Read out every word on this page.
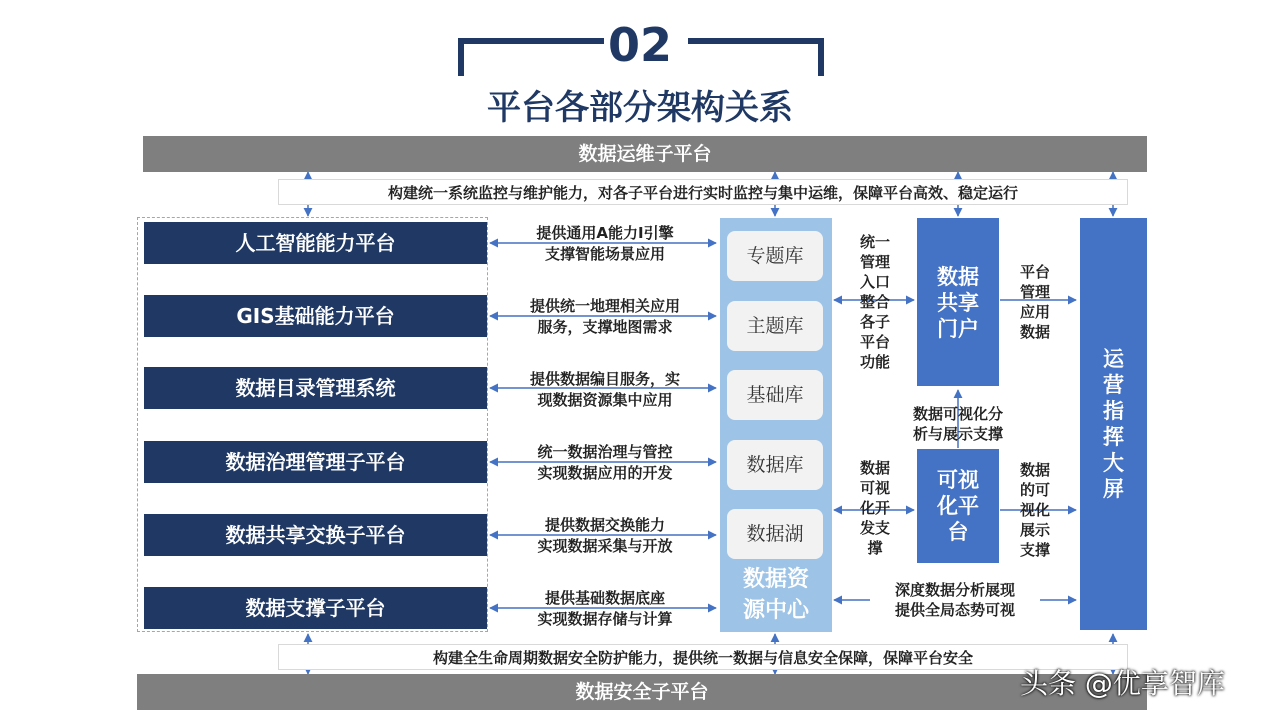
02
平台各部分架构关系
数据运维子平台
构建统一系统监控与维护能力，对各子平台进行实时监控与集中运维，保障平台高效、稳定运行
人工智能能力平台
GIS基础能力平台
数据目录管理系统
数据治理管理子平台
数据共享交换子平台
数据支撑子平台
提供通用A能力I引擎
支撑智能场景应用
提供统一地理相关应用
服务，支撑地图需求
提供数据编目服务，实
现数据资源集中应用
统一数据治理与管控
实现数据应用的开发
提供数据交换能力
实现数据采集与开放
提供基础数据底座
实现数据存储与计算
专题库
主题库
基础库
数据库
数据湖
数据资
源中心
统一
管理
入口
整合
各子
平台
功能
数据
共享
门户
平台
管理
应用
数据
数据可视化分
析与展示支撑
数据
可视
化开
发支
撑
可视
化平
台
数据
的可
视化
展示
支撑
深度数据分析展现
提供全局态势可视
运
营
指
挥
大
屏
构建全生命周期数据安全防护能力，提供统一数据与信息安全保障，保障平台安全
数据安全子平台	头条 @优享智库
